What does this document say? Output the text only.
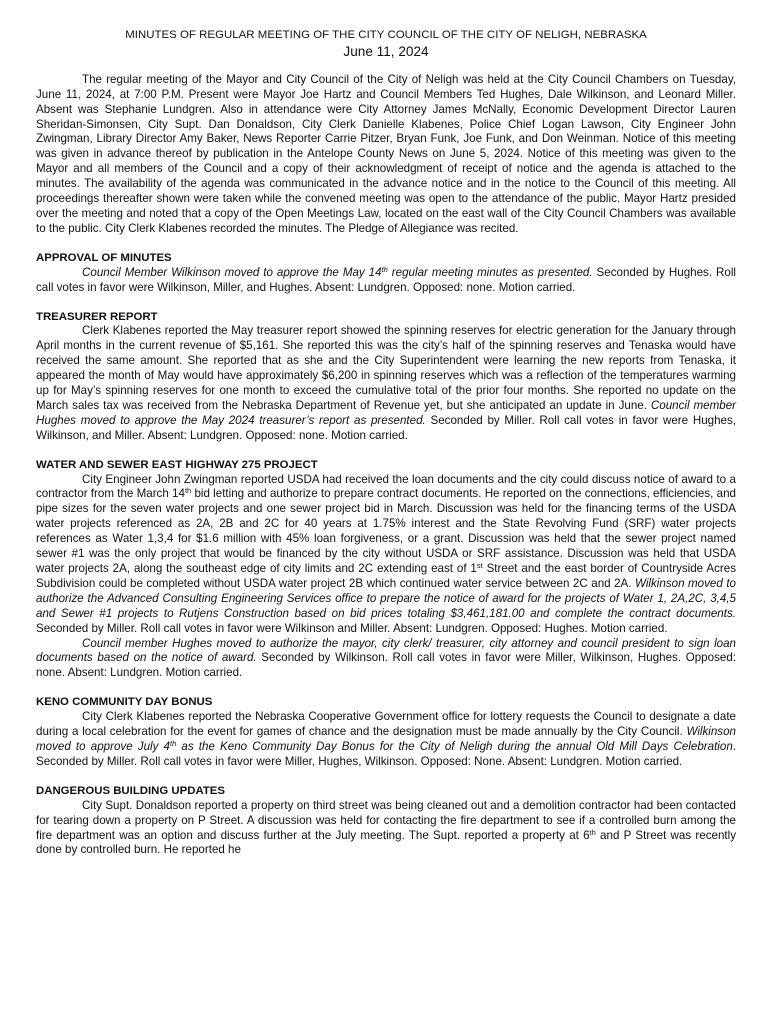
MINUTES OF REGULAR MEETING OF THE CITY COUNCIL OF THE CITY OF NELIGH, NEBRASKA

June 11, 2024

The regular meeting of the Mayor and City Council of the City of Neligh was held at the City Council Chambers on Tuesday, June 11, 2024, at 7:00 P.M. Present were Mayor Joe Hartz and Council Members Ted Hughes, Dale Wilkinson, and Leonard Miller. Absent was Stephanie Lundgren. Also in attendance were City Attorney James McNally, Economic Development Director Lauren Sheridan-Simonsen, City Supt. Dan Donaldson, City Clerk Danielle Klabenes, Police Chief Logan Lawson, City Engineer John Zwingman, Library Director Amy Baker, News Reporter Carrie Pitzer, Bryan Funk, Joe Funk, and Don Weinman. Notice of this meeting was given in advance thereof by publication in the Antelope County News on June 5, 2024. Notice of this meeting was given to the Mayor and all members of the Council and a copy of their acknowledgment of receipt of notice and the agenda is attached to the minutes. The availability of the agenda was communicated in the advance notice and in the notice to the Council of this meeting. All proceedings thereafter shown were taken while the convened meeting was open to the attendance of the public. Mayor Hartz presided over the meeting and noted that a copy of the Open Meetings Law, located on the east wall of the City Council Chambers was available to the public. City Clerk Klabenes recorded the minutes. The Pledge of Allegiance was recited.

APPROVAL OF MINUTES

Council Member Wilkinson moved to approve the May 14th regular meeting minutes as presented. Seconded by Hughes. Roll call votes in favor were Wilkinson, Miller, and Hughes. Absent: Lundgren. Opposed: none. Motion carried.

TREASURER REPORT

Clerk Klabenes reported the May treasurer report showed the spinning reserves for electric generation for the January through April months in the current revenue of $5,161. She reported this was the city’s half of the spinning reserves and Tenaska would have received the same amount. She reported that as she and the City Superintendent were learning the new reports from Tenaska, it appeared the month of May would have approximately $6,200 in spinning reserves which was a reflection of the temperatures warming up for May’s spinning reserves for one month to exceed the cumulative total of the prior four months. She reported no update on the March sales tax was received from the Nebraska Department of Revenue yet, but she anticipated an update in June. Council member Hughes moved to approve the May 2024 treasurer’s report as presented. Seconded by Miller. Roll call votes in favor were Hughes, Wilkinson, and Miller. Absent: Lundgren. Opposed: none. Motion carried.

WATER AND SEWER EAST HIGHWAY 275 PROJECT

City Engineer John Zwingman reported USDA had received the loan documents and the city could discuss notice of award to a contractor from the March 14th bid letting and authorize to prepare contract documents. He reported on the connections, efficiencies, and pipe sizes for the seven water projects and one sewer project bid in March. Discussion was held for the financing terms of the USDA water projects referenced as 2A, 2B and 2C for 40 years at 1.75% interest and the State Revolving Fund (SRF) water projects references as Water 1,3,4 for $1.6 million with 45% loan forgiveness, or a grant. Discussion was held that the sewer project named sewer #1 was the only project that would be financed by the city without USDA or SRF assistance. Discussion was held that USDA water projects 2A, along the southeast edge of city limits and 2C extending east of 1st Street and the east border of Countryside Acres Subdivision could be completed without USDA water project 2B which continued water service between 2C and 2A. Wilkinson moved to authorize the Advanced Consulting Engineering Services office to prepare the notice of award for the projects of Water 1, 2A,2C, 3,4,5 and Sewer #1 projects to Rutjens Construction based on bid prices totaling $3,461,181.00 and complete the contract documents. Seconded by Miller. Roll call votes in favor were Wilkinson and Miller. Absent: Lundgren. Opposed: Hughes. Motion carried.

Council member Hughes moved to authorize the mayor, city clerk/ treasurer, city attorney and council president to sign loan documents based on the notice of award. Seconded by Wilkinson. Roll call votes in favor were Miller, Wilkinson, Hughes. Opposed: none. Absent: Lundgren. Motion carried.

KENO COMMUNITY DAY BONUS

City Clerk Klabenes reported the Nebraska Cooperative Government office for lottery requests the Council to designate a date during a local celebration for the event for games of chance and the designation must be made annually by the City Council. Wilkinson moved to approve July 4th as the Keno Community Day Bonus for the City of Neligh during the annual Old Mill Days Celebration. Seconded by Miller. Roll call votes in favor were Miller, Hughes, Wilkinson. Opposed: None. Absent: Lundgren. Motion carried.

DANGEROUS BUILDING UPDATES

City Supt. Donaldson reported a property on third street was being cleaned out and a demolition contractor had been contacted for tearing down a property on P Street. A discussion was held for contacting the fire department to see if a controlled burn among the fire department was an option and discuss further at the July meeting. The Supt. reported a property at 6th and P Street was recently done by controlled burn. He reported he
